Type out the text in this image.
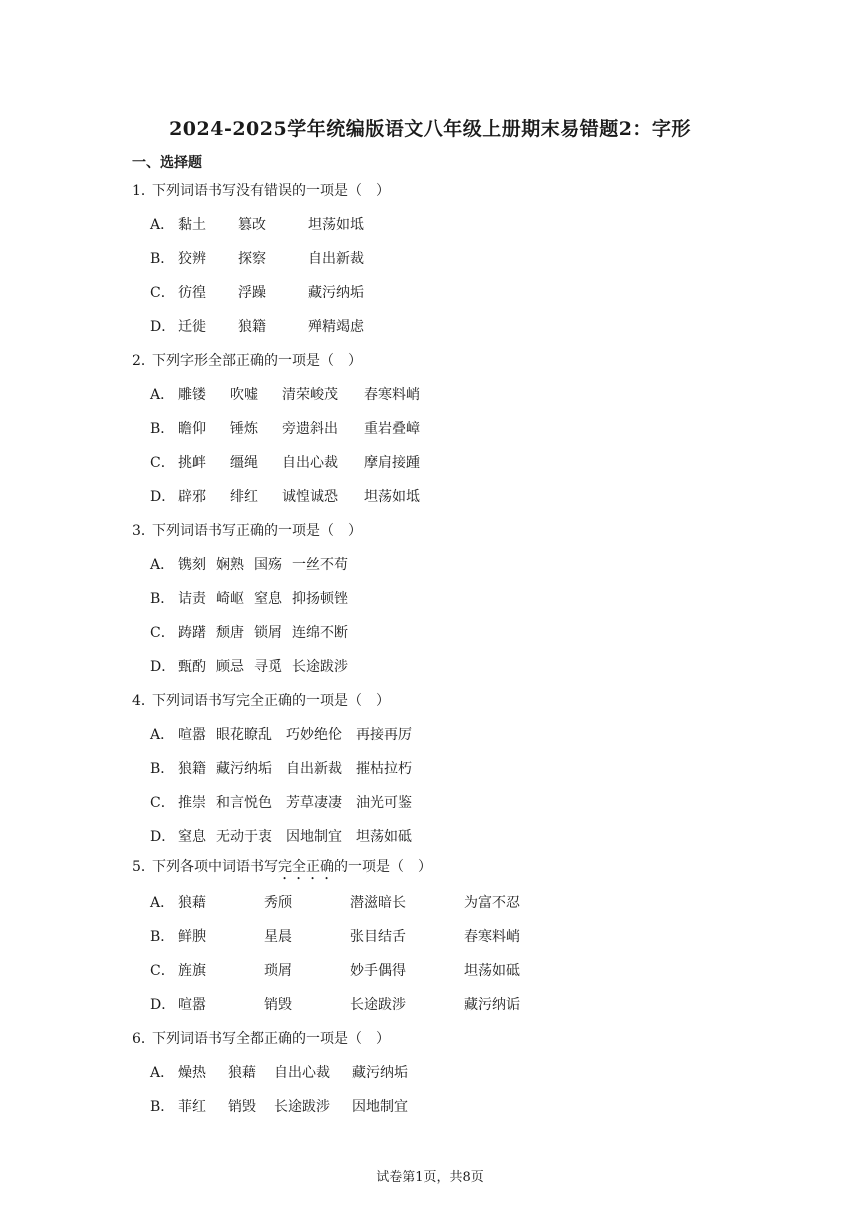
2024-2025学年统编版语文八年级上册期末易错题2：字形
一、选择题
1．下列词语书写没有错误的一项是（　）
A． 黏土 篡改	坦荡如坻
B． 狡辨 探察	自出新裁
C． 彷徨 浮躁	藏污纳垢
D． 迁徙 狼籍	殚精竭虑
2．下列字形全部正确的一项是（　）
A． 雕镂 吹嘘 清荣峻茂 春寒料峭
B． 瞻仰 锤炼 旁遗斜出 重岩叠嶂
C． 挑衅 缰绳 自出心裁 摩肩接踵
D． 辟邪 绯红 诚惶诚恐 坦荡如坻
3．下列词语书写正确的一项是（　）
A． 镌刻 娴熟 国殇 一丝不苟
B． 诘责 崎岖 窒息 抑扬顿锉
C． 踌躇 颓唐 锁屑 连绵不断
D． 甄酌 顾忌 寻觅 长途跋涉
4．下列词语书写完全正确的一项是（　）
A． 喧嚣 眼花瞭乱 巧妙绝伦 再接再厉
B． 狼籍 藏污纳垢 自出新裁 摧枯拉朽
C． 推崇 和言悦色 芳草凄凄 油光可鉴
D． 窒息 无动于衷 因地制宜 坦荡如砥
5．下列各项中词语书写完全正确的一项是（　）
A． 狼藉	秀颀	潜滋暗长	为富不忍
B． 鲜腴	星晨	张目结舌	春寒料峭
C． 旌旗	琐屑	妙手偶得	坦荡如砥
D． 喧嚣	销毁	长途跋涉	藏污纳诟
6．下列词语书写全都正确的一项是（　）
A． 燥热 狼藉 自出心裁 藏污纳垢
B． 菲红 销毁 长途跋涉 因地制宜
试卷第1页，共8页
